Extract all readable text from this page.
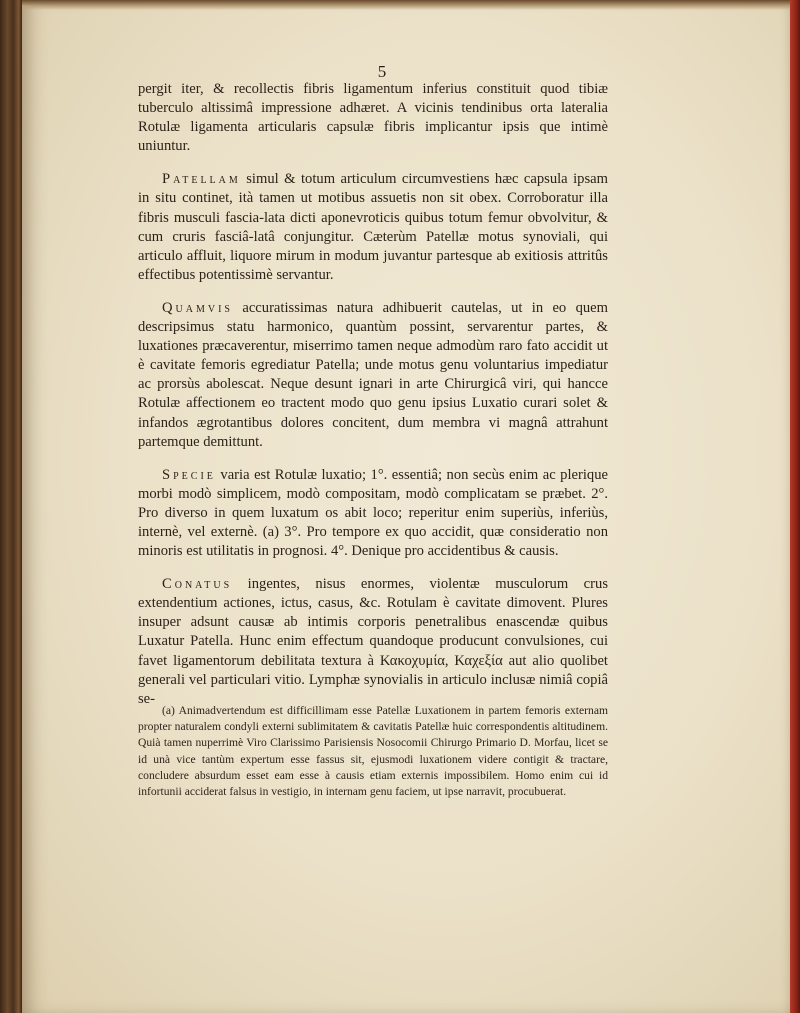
5

pergit iter, & recollectis fibris ligamentum inferius constituit quod tibiæ tuberculo altissimâ impressione adhæret. A vicinis tendinibus orta lateralia Rotulæ ligamenta articularis capsulæ fibris implicantur ipsis que intimè uniuntur.

Patellam simul & totum articulum circumvestiens hæc capsula ipsam in situ continet, ità tamen ut motibus assuetis non sit obex. Corroboratur illa fibris musculi fascia-lata dicti aponevroticis quibus totum femur obvolvitur, & cum cruris fasciâ-latâ conjungitur. Cæterùm Patellæ motus synoviali, qui articulo affluit, liquore mirum in modum juvantur partesque ab exitiosis attritûs effectibus potentissimè servantur.

Quamvis accuratissimas natura adhibuerit cautelas, ut in eo quem descripsimus statu harmonico, quantùm possint, servarentur partes, & luxationes præcaverentur, miserrimo tamen neque admodùm raro fato accidit ut è cavitate femoris egrediatur Patella; unde motus genu voluntarius impediatur ac prorsùs abolescat. Neque desunt ignari in arte Chirurgicâ viri, qui hancce Rotulæ affectionem eo tractent modo quo genu ipsius Luxatio curari solet & infandos ægrotantibus dolores concitent, dum membra vi magnâ attrahunt partemque demittunt.

Specie varia est Rotulæ luxatio; 1°. essentiâ; non secùs enim ac plerique morbi modò simplicem, modò compositam, modò complicatam se præbet. 2°. Pro diverso in quem luxatum os abit loco; reperitur enim superiùs, inferiùs, internè, vel externè. (a) 3°. Pro tempore ex quo accidit, quæ consideratio non minoris est utilitatis in prognosi. 4°. Denique pro accidentibus & causis.

Conatus ingentes, nisus enormes, violentæ musculorum crus extendentium actiones, ictus, casus, &c. Rotulam è cavitate dimovent. Plures insuper adsunt causæ ab intimis corporis penetralibus enascendæ quibus Luxatur Patella. Hunc enim effectum quandoque producunt convulsiones, cui favet ligamentorum debilitata textura à Κακοχυμία, Καχεξία aut alio quolibet generali vel particulari vitio. Lymphæ synovialis in articulo inclusæ nimiâ copiâ se-

(a) Animadvertendum est difficillimam esse Patellæ Luxationem in partem femoris externam propter naturalem condyli externi sublimitatem & cavitatis Patellæ huic correspondentis altitudinem. Quià tamen nuperrimè Viro Clarissimo Parisiensis Nosocomii Chirurgo Primario D. Morfau, licet se id unà vice tantùm expertum esse fassus sit, ejusmodi luxationem videre contigit & tractare, concludere absurdum esset eam esse à causis etiam externis impossibilem. Homo enim cui id infortunii acciderat falsus in vestigio, in internam genu faciem, ut ipse narravit, procubuerat.
